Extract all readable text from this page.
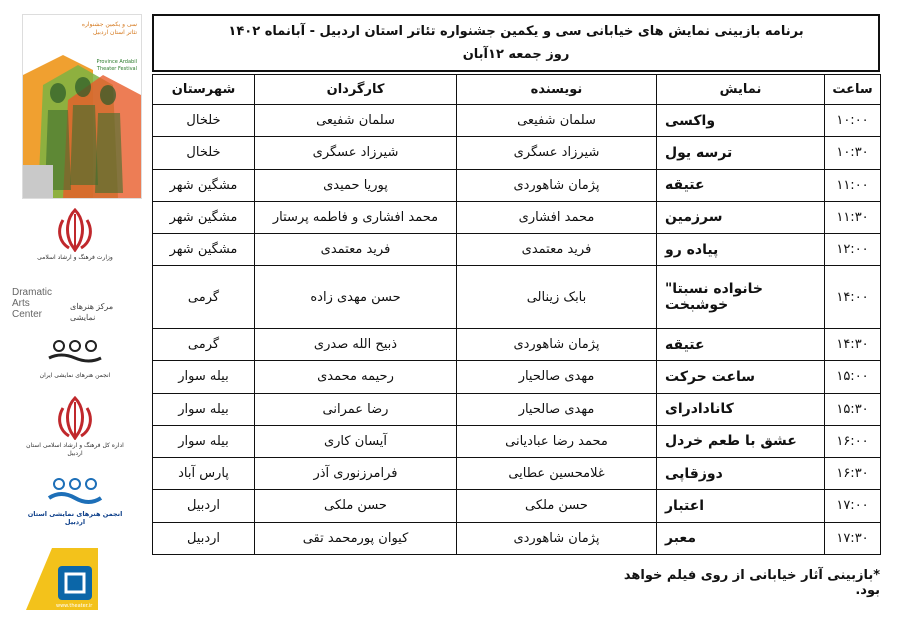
سی و یکمین جشنواره تئاتر استان اردبیل
Province Ardabil Theater Festival
وزارت فرهنگ و ارشاد اسلامی
Dramatic Arts Center
مرکز هنرهای نمایشی
انجمن هنرهای نمایشی ایران
اداره کل فرهنگ و ارشاد اسلامی استان اردبیل
انجمن هنرهای نمایشی استان اردبیل
www.theater.ir
برنامه بازبینی نمایش های خیابانی سی و یکمین جشنواره تئاتر استان اردبیل - آبانماه ۱۴۰۲
روز جمعه ۱۲آبان
ساعت	نمایش	نویسنده	کارگردان	شهرستان
۱۰:۰۰	واکسی	سلمان شفیعی	سلمان شفیعی	خلخال
۱۰:۳۰	ترسه یول	شیرزاد عسگری	شیرزاد عسگری	خلخال
۱۱:۰۰	عتیقه	پژمان شاهوردی	پوریا حمیدی	مشگین شهر
۱۱:۳۰	سرزمین	محمد افشاری	محمد افشاری و فاطمه پرستار	مشگین شهر
۱۲:۰۰	پیاده رو	فرید معتمدی	فرید معتمدی	مشگین شهر
۱۴:۰۰	خانواده نسبتا" خوشبخت	بابک زینالی	حسن مهدی زاده	گرمی
۱۴:۳۰	عتیقه	پژمان شاهوردی	ذبیح الله صدری	گرمی
۱۵:۰۰	ساعت حرکت	مهدی صالحیار	رحیمه محمدی	بیله سوار
۱۵:۳۰	کانادادرای	مهدی صالحیار	رضا عمرانی	بیله سوار
۱۶:۰۰	عشق با طعم خردل	محمد رضا عبادیانی	آیسان کاری	بیله سوار
۱۶:۳۰	دوزقاپی	غلامحسین عطایی	فرامرزنوری آذر	پارس آباد
۱۷:۰۰	اعتبار	حسن ملکی	حسن ملکی	اردبیل
۱۷:۳۰	معبر	پژمان شاهوردی	کیوان پورمحمد تقی	اردبیل
*بازبینی آثار خیابانی از روی فیلم خواهد بود.
